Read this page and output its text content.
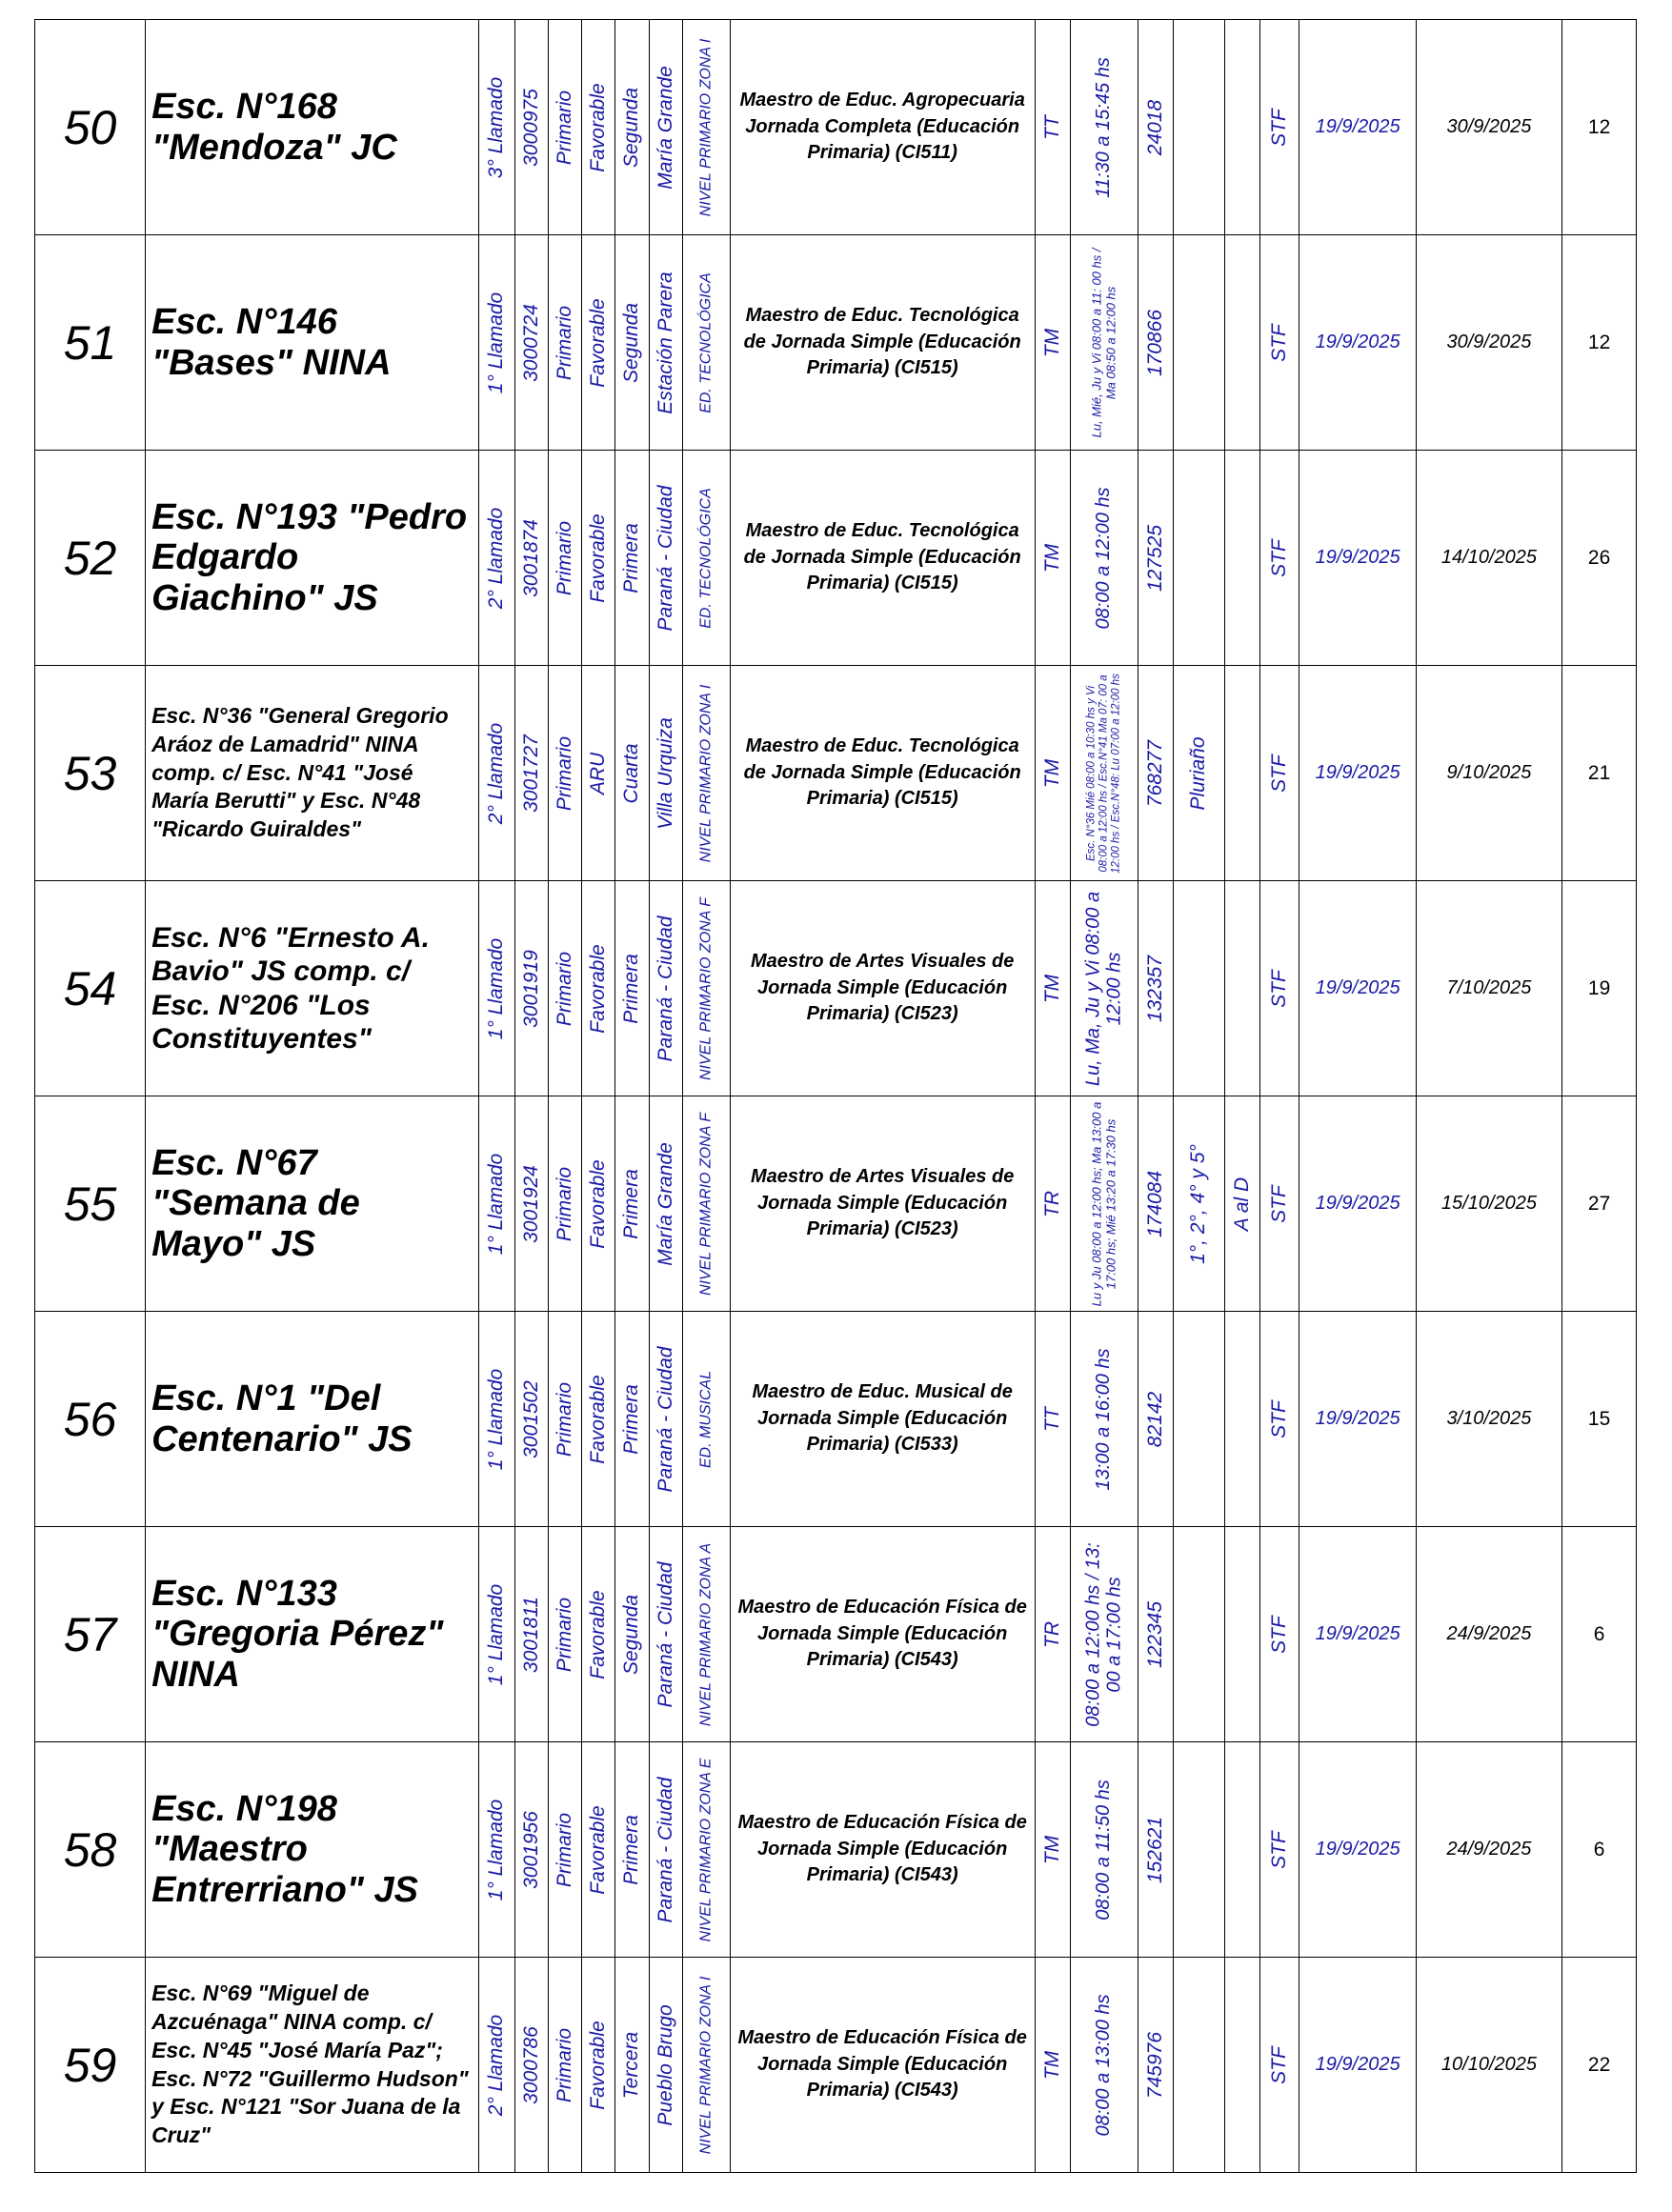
50	Esc. N°168 "Mendoza" JC	3° Llamado	3000975	Primario	Favorable	Segunda	María Grande	NIVEL PRIMARIO ZONA I	Maestro de Educ. Agropecuaria Jornada Completa (Educación Primaria) (CI511)	TT	11:30 a 15:45 hs	24018			STF	19/9/2025	30/9/2025	12
51	Esc. N°146 "Bases" NINA	1° Llamado	3000724	Primario	Favorable	Segunda	Estación Parera	ED. TECNOLÓGICA	Maestro de Educ. Tecnológica de Jornada Simple (Educación Primaria) (CI515)	TM	Lu, Mié, Ju y Vi 08:00 a 11: 00 hs / Ma 08:50 a 12:00 hs	170866			STF	19/9/2025	30/9/2025	12
52	Esc. N°193 "Pedro Edgardo Giachino" JS	2° Llamado	3001874	Primario	Favorable	Primera	Paraná - Ciudad	ED. TECNOLÓGICA	Maestro de Educ. Tecnológica de Jornada Simple (Educación Primaria) (CI515)	TM	08:00 a 12:00 hs	127525			STF	19/9/2025	14/10/2025	26
53	Esc. N°36 "General Gregorio Aráoz de Lamadrid" NINA comp. c/ Esc. N°41 "José María Berutti" y Esc. N°48 "Ricardo Guiraldes"	2° Llamado	3001727	Primario	ARU	Cuarta	Villa Urquiza	NIVEL PRIMARIO ZONA I	Maestro de Educ. Tecnológica de Jornada Simple (Educación Primaria) (CI515)	TM	Esc. N°36 Mié 08:00 a 10:30 hs y Vi 08:00 a 12:00 hs / Esc.N°41 Ma 07: 00 a 12:00 hs / Esc.N°48: Lu 07:00 a 12:00 hs	768277	Pluriaño		STF	19/9/2025	9/10/2025	21
54	Esc. N°6 "Ernesto A. Bavio" JS comp. c/ Esc. N°206 "Los Constituyentes"	1° Llamado	3001919	Primario	Favorable	Primera	Paraná - Ciudad	NIVEL PRIMARIO ZONA F	Maestro de Artes Visuales de Jornada Simple (Educación Primaria) (CI523)	TM	Lu, Ma, Ju y Vi 08:00 a 12:00 hs	132357			STF	19/9/2025	7/10/2025	19
55	Esc. N°67 "Semana de Mayo" JS	1° Llamado	3001924	Primario	Favorable	Primera	María Grande	NIVEL PRIMARIO ZONA F	Maestro de Artes Visuales de Jornada Simple (Educación Primaria) (CI523)	TR	Lu y Ju 08:00 a 12:00 hs; Ma 13:00 a 17:00 hs; Mié 13:20 a 17:30 hs	174084	1°, 2°, 4° y 5°	A al D	STF	19/9/2025	15/10/2025	27
56	Esc. N°1 "Del Centenario" JS	1° Llamado	3001502	Primario	Favorable	Primera	Paraná - Ciudad	ED. MUSICAL	Maestro de Educ. Musical de Jornada Simple (Educación Primaria) (CI533)	TT	13:00 a 16:00 hs	82142			STF	19/9/2025	3/10/2025	15
57	Esc. N°133 "Gregoria Pérez" NINA	1° Llamado	3001811	Primario	Favorable	Segunda	Paraná - Ciudad	NIVEL PRIMARIO ZONA A	Maestro de Educación Física de Jornada Simple (Educación Primaria) (CI543)	TR	08:00 a 12:00 hs / 13: 00 a 17:00 hs	122345			STF	19/9/2025	24/9/2025	6
58	Esc. N°198 "Maestro Entrerriano" JS	1° Llamado	3001956	Primario	Favorable	Primera	Paraná - Ciudad	NIVEL PRIMARIO ZONA E	Maestro de Educación Física de Jornada Simple (Educación Primaria) (CI543)	TM	08:00 a 11:50 hs	152621			STF	19/9/2025	24/9/2025	6
59	Esc. N°69 "Miguel de Azcuénaga" NINA comp. c/ Esc. N°45 "José María Paz"; Esc. N°72 "Guillermo Hudson" y Esc. N°121 "Sor Juana de la Cruz"	2° Llamado	3000786	Primario	Favorable	Tercera	Pueblo Brugo	NIVEL PRIMARIO ZONA I	Maestro de Educación Física de Jornada Simple (Educación Primaria) (CI543)	TM	08:00 a 13:00 hs	745976			STF	19/9/2025	10/10/2025	22
